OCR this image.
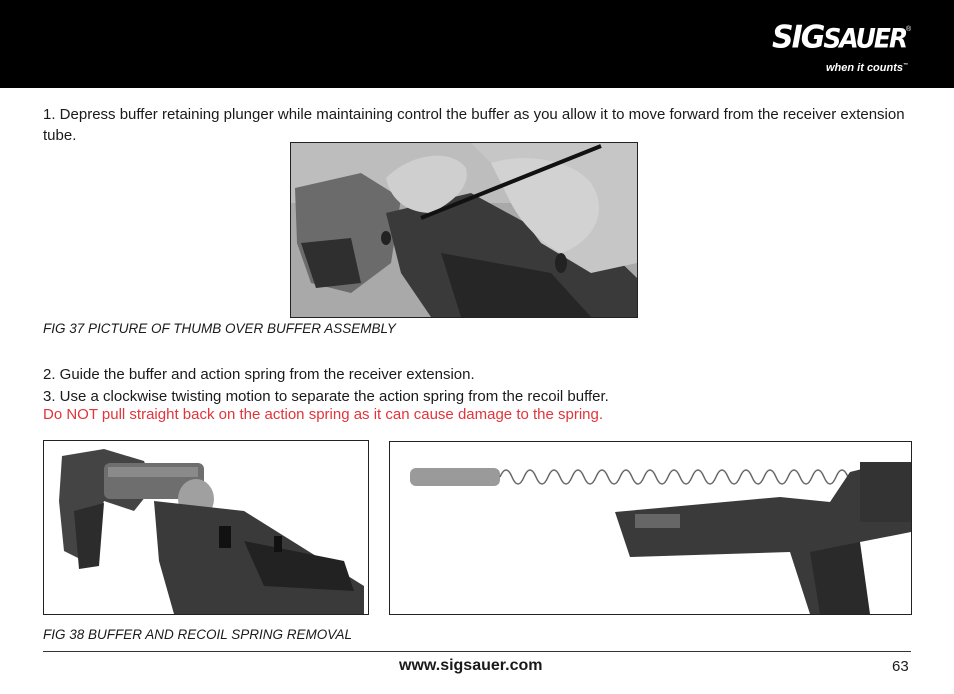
SIGSAUER ®
when it counts™

1. Depress buffer retaining plunger while maintaining control the buffer as you allow it to move forward from the receiver extension tube.

FIG 37 PICTURE OF THUMB OVER BUFFER ASSEMBLY

2. Guide the buffer and action spring from the receiver extension.

3. Use a clockwise twisting motion to separate the action spring from the recoil buffer.

Do NOT pull straight back on the action spring as it can cause damage to the spring.

FIG 38 BUFFER AND RECOIL SPRING REMOVAL
www.sigsauer.com	63
